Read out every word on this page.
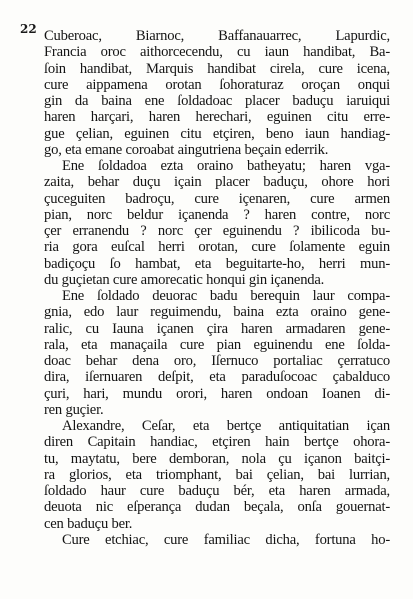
22 Cuberoac, Biarnoc, Baffanauarrec, Lapurdic,
Francia oroc aithorcecendu, cu iaun handibat, Ba-
ſoin handibat, Marquis handibat cirela, cure icena,
cure aippamena orotan ſohoraturaz oroçan onqui
gin da baina ene ſoldadoac placer baduçu iaruiqui
haren harçari, haren herechari, eguinen citu erre-
gue çelian, eguinen citu etçiren, beno iaun handiag-
go, eta emane coroabat aingutriena beçain ederrik.
Ene ſoldadoa ezta oraino batheyatu; haren vga-
zaita, behar duçu içain placer baduçu, ohore hori
çuceguiten badroçu, cure içenaren, cure armen
pian, norc beldur içanenda ? haren contre, norc
çer erranendu ? norc çer eguinendu ? ibilicoda bu-
ria gora euſcal herri orotan, cure ſolamente eguin
badiçoçu ſo hambat, eta beguitarte-ho, herri mun-
du guçietan cure amorecatic honqui gin içanenda.
Ene ſoldado deuorac badu berequin laur compa-
gnia, edo laur reguimendu, baina ezta oraino gene-
ralic, cu Iauna içanen çira haren armadaren gene-
rala, eta manaçaila cure pian eguinendu ene ſolda-
doac behar dena oro, Iſernuco portaliac çerratuco
dira, iſernuaren deſpit, eta paraduſocoac çabalduco
çuri, hari, mundu orori, haren ondoan Ioanen di-
ren guçier.
Alexandre, Ceſar, eta bertçe antiquitatian içan
diren Capitain handiac, etçiren hain bertçe ohora-
tu, maytatu, bere demboran, nola çu içanon baitçi-
ra glorios, eta triomphant, bai çelian, bai lurrian,
ſoldado haur cure baduçu bér, eta haren armada,
deuota nic eſperança dudan beçala, onſa gouernat-
cen baduçu ber.
Cure etchiac, cure familiac dicha, fortuna ho-
